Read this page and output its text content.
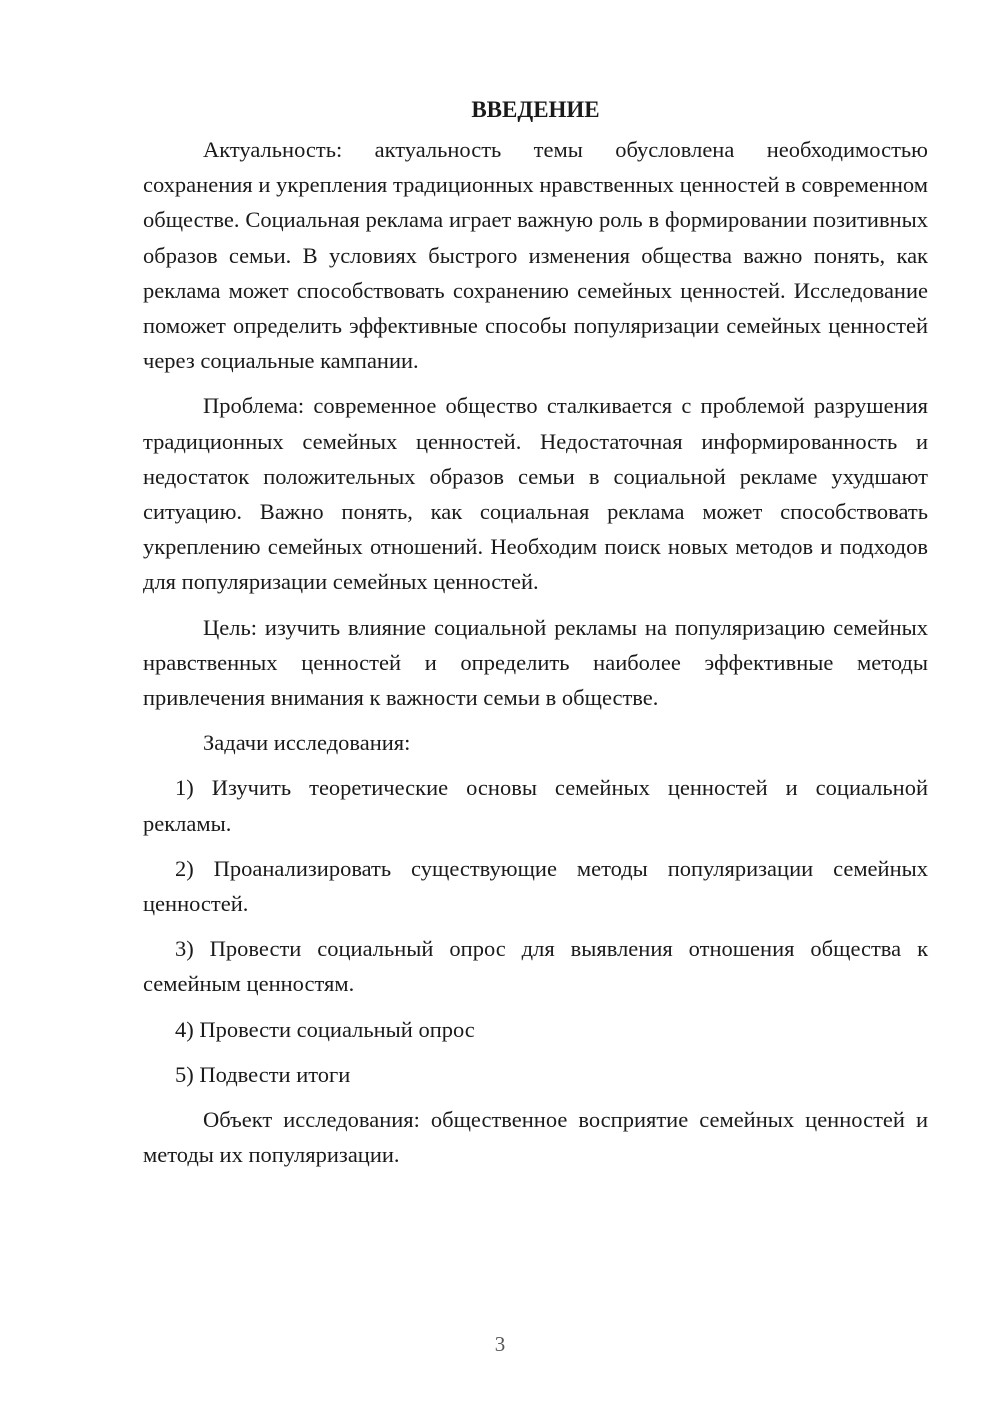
ВВЕДЕНИЕ

Актуальность: актуальность темы обусловлена необходимостью сохранения и укрепления традиционных нравственных ценностей в современном обществе. Социальная реклама играет важную роль в формировании позитивных образов семьи. В условиях быстрого изменения общества важно понять, как реклама может способствовать сохранению семейных ценностей. Исследование поможет определить эффективные способы популяризации семейных ценностей через социальные кампании.

Проблема: современное общество сталкивается с проблемой разрушения традиционных семейных ценностей. Недостаточная информированность и недостаток положительных образов семьи в социальной рекламе ухудшают ситуацию. Важно понять, как социальная реклама может способствовать укреплению семейных отношений. Необходим поиск новых методов и подходов для популяризации семейных ценностей.

Цель: изучить влияние социальной рекламы на популяризацию семейных нравственных ценностей и определить наиболее эффективные методы привлечения внимания к важности семьи в обществе.

Задачи исследования:

1) Изучить теоретические основы семейных ценностей и социальной рекламы.

2) Проанализировать существующие методы популяризации семейных ценностей.

3) Провести социальный опрос для выявления отношения общества к семейным ценностям.

4) Провести социальный опрос

5) Подвести итоги

Объект исследования: общественное восприятие семейных ценностей и методы их популяризации.

3
